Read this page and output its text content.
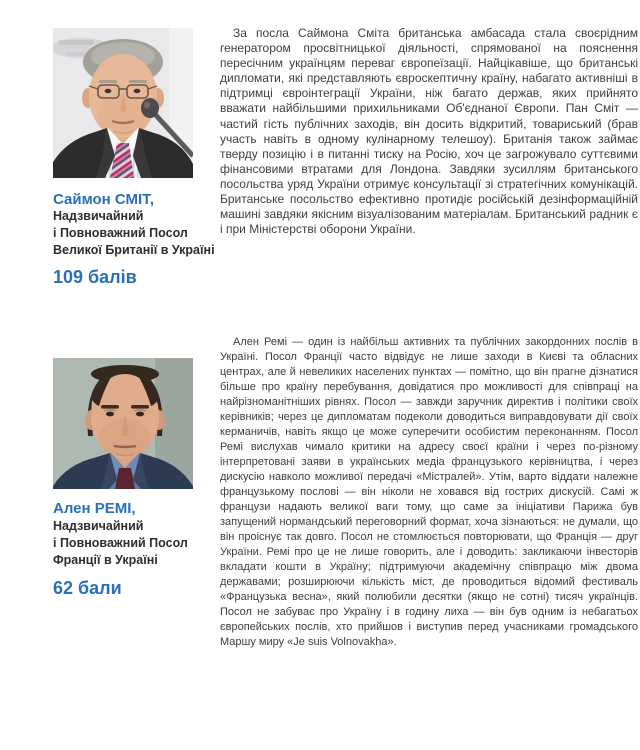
Саймон СМІТ,
Надзвичайний
і Повноважний Посол
Великої Британії в Україні
109 балів

За посла Саймона Сміта британська амбасада стала своєрідним генератором просвітницької діяльності, спрямованої на пояснення пересічним українцям переваг європеїзації. Найцікавіше, що британські дипломати, які представляють євроскептичну країну, набагато активніші в підтримці євроінтеграції України, ніж багато держав, яких прийнято вважати найбільшими прихильниками Об'єднаної Європи. Пан Сміт — частий гість публічних заходів, він досить відкритий, товариський (брав участь навіть в одному кулінарному телешоу). Британія також займає тверду позицію і в питанні тиску на Росію, хоч це загрожувало суттєвими фінансовими втратами для Лондона. Завдяки зусиллям британського посольства уряд України отримує консультації зі стратегічних комунікацій. Британське посольство ефективно протидіє російській дезінформаційній машині завдяки якісним візуалізованим матеріалам. Британський радник є і при Міністерстві оборони України.

Ален РЕМІ,
Надзвичайний
і Повноважний Посол
Франції в Україні
62 бали

Ален Ремі — один із найбільш активних та публічних закордонних послів в Україні. Посол Франції часто відвідує не лише заходи в Києві та обласних центрах, але й невеликих населених пунктах — помітно, що він прагне дізнатися більше про країну перебування, довідатися про можливості для співпраці на найрізноманітніших рівнях. Посол — завжди заручник директив і політики своїх керівників; через це дипломатам подеколи доводиться виправдовувати дії своїх керманичів, навіть якщо це може суперечити особистим переконанням. Посол Ремі вислухав чимало критики на адресу своєї країни і через по-різному інтерпретовані заяви в українських медіа французького керівництва, і через дискусію навколо можливої передачі «Містралей». Утім, варто віддати належне французькому послові — він ніколи не ховався від гострих дискусій. Самі ж французи надають великої ваги тому, що саме за ініціативи Парижа був запущений нормандський переговорний формат, хоча зізнаються: не думали, що він проіснує так довго. Посол не стомлюється повторювати, що Франція — друг України. Ремі про це не лише говорить, але і доводить: закликаючи інвесторів вкладати кошти в Україну; підтримуючи академічну співпрацю між двома державами; розширюючи кількість міст, де проводиться відомий фестиваль «Французька весна», який полюбили десятки (якщо не сотні) тисяч українців. Посол не забуває про Україну і в годину лиха — він був одним із небагатьох європейських послів, хто прийшов і виступив перед учасниками громадського Маршу миру «Je suis Volnovakha».
